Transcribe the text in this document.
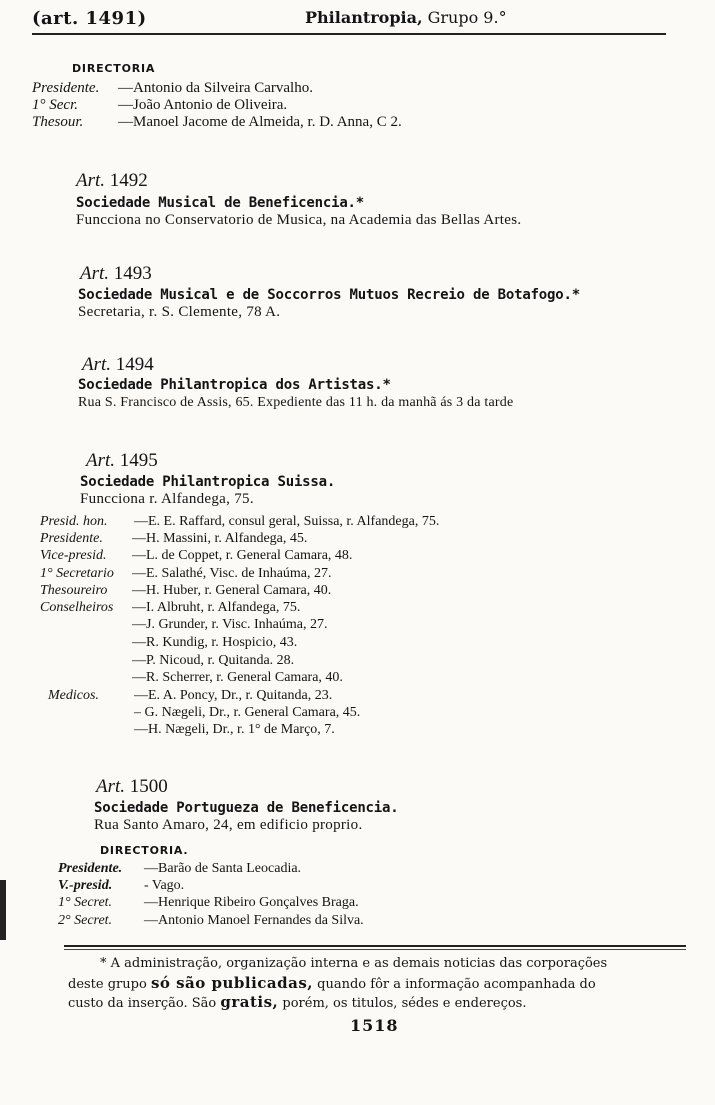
(art. 1491)	Philantropia, Grupo 9.°
DIRECTORIA
Presidente. —Antonio da Silveira Carvalho.
1° Secr.	—João Antonio de Oliveira.
Thesour. —Manoel Jacome de Almeida, r. D. Anna, C 2.
Art. 1492
Sociedade Musical de Beneficencia.*
Funcciona no Conservatorio de Musica, na Academia das Bellas Artes.
Art. 1493
Sociedade Musical e de Soccorros Mutuos Recreio de Botafogo.*
Secretaria, r. S. Clemente, 78 A.
Art. 1494
Sociedade Philantropica dos Artistas.*
Rua S. Francisco de Assis, 65. Expediente das 11 h. da manhã ás 3 da tarde
Art. 1495
Sociedade Philantropica Suissa.
Funcciona r. Alfandega, 75.
Presid. hon. —E. E. Raffard, consul geral, Suissa, r. Alfandega, 75.
Presidente. —H. Massini, r. Alfandega, 45.
Vice-presid. —L. de Coppet, r. General Camara, 48.
1° Secretario —E. Salathé, Visc. de Inhaúma, 27.
Thesoureiro —H. Huber, r. General Camara, 40.
Conselheiros —I. Albruht, r. Alfandega, 75.
—J. Grunder, r. Visc. Inhaúma, 27.
—R. Kundig, r. Hospicio, 43.
—P. Nicoud, r. Quitanda. 28.
—R. Scherrer, r. General Camara, 40.
Medicos.	—E. A. Poncy, Dr., r. Quitanda, 23.
– G. Nægeli, Dr., r. General Camara, 45.
—H. Nægeli, Dr., r. 1° de Março, 7.
Art. 1500
Sociedade Portugueza de Beneficencia.
Rua Santo Amaro, 24, em edificio proprio.
DIRECTORIA.
Presidente. —Barão de Santa Leocadia.
V.-presid. - Vago.
1° Secret. —Henrique Ribeiro Gonçalves Braga.
2° Secret. —Antonio Manoel Fernandes da Silva.
* A administração, organização interna e as demais noticias das corporações
deste grupo só são publicadas, quando fôr a informação acompanhada do
custo da inserção. São gratis, porém, os titulos, sédes e endereços.
1518
